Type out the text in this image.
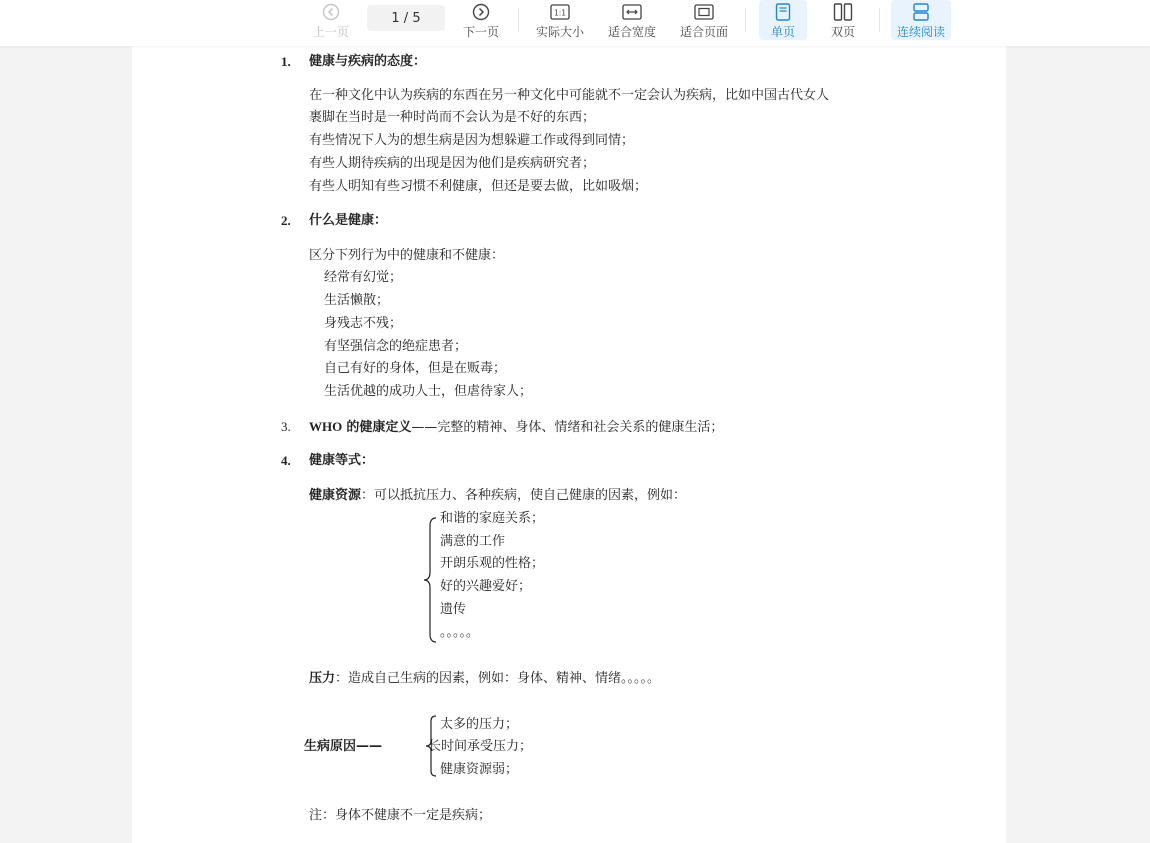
上一页
1 / 5
下一页
1:1
实际大小 适合宽度 适合页面	单页	双页	连续阅读
1. 健康与疾病的态度：
在一种文化中认为疾病的东西在另一种文化中可能就不一定会认为疾病，比如中国古代女人
裹脚在当时是一种时尚而不会认为是不好的东西；
有些情况下人为的想生病是因为想躲避工作或得到同情；
有些人期待疾病的出现是因为他们是疾病研究者；
有些人明知有些习惯不利健康，但还是要去做，比如吸烟；
2. 什么是健康：
区分下列行为中的健康和不健康：
经常有幻觉；
生活懒散；
身残志不残；
有坚强信念的绝症患者；
自己有好的身体，但是在贩毒；
生活优越的成功人士，但虐待家人；
3. WHO 的健康定义——完整的精神、身体、情绪和社会关系的健康生活；
4. 健康等式：
健康资源：可以抵抗压力、各种疾病，使自己健康的因素，例如：
和谐的家庭关系；
满意的工作
开朗乐观的性格；
好的兴趣爱好；
遗传
。。。。。
压力：造成自己生病的因素，例如：身体、精神、情绪。。。。。
生病原因——
太多的压力；
长时间承受压力；
健康资源弱；
注：身体不健康不一定是疾病；
